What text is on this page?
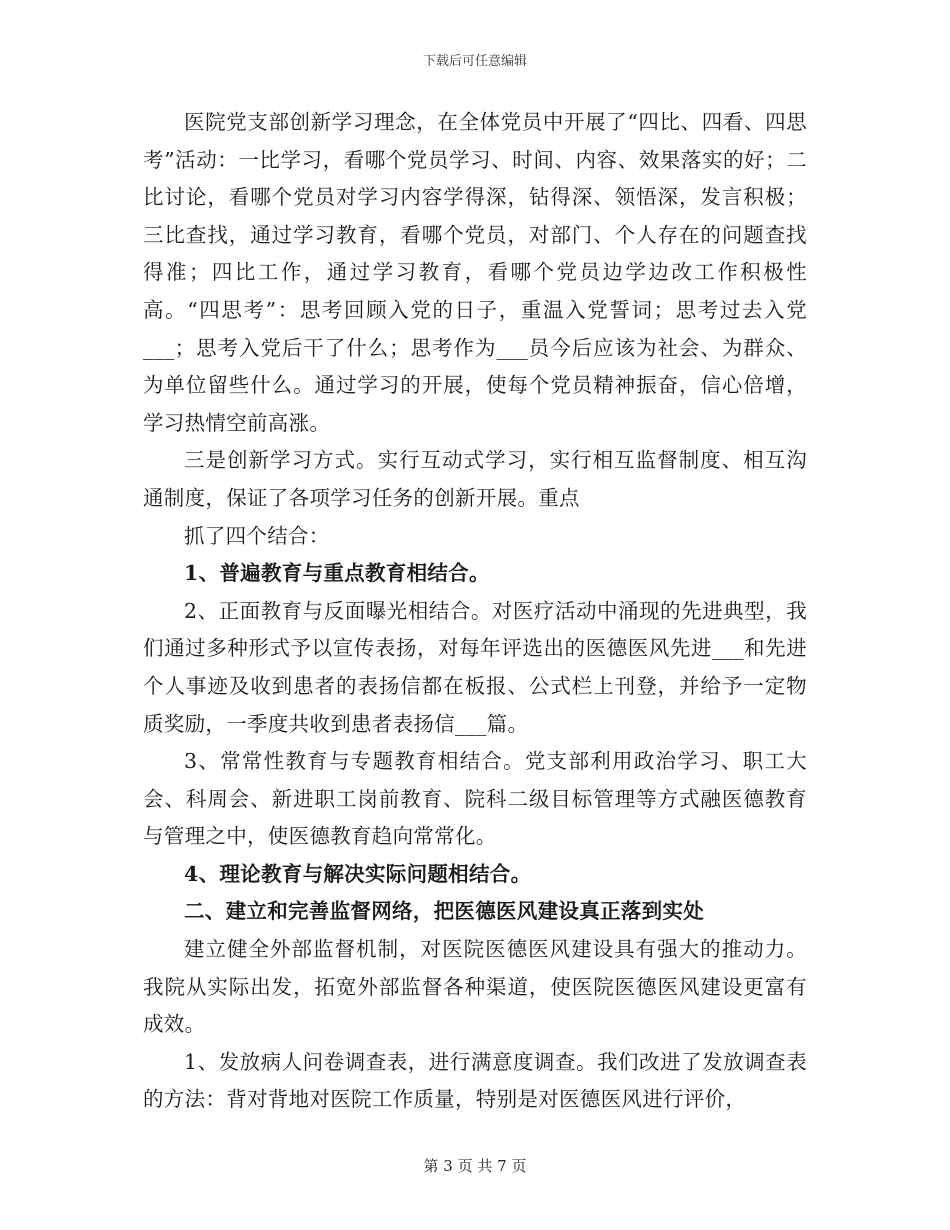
下载后可任意编辑

医院党支部创新学习理念，在全体党员中开展了“四比、四看、四思考”活动：一比学习，看哪个党员学习、时间、内容、效果落实的好；二比讨论，看哪个党员对学习内容学得深，钻得深、领悟深，发言积极；三比查找，通过学习教育，看哪个党员，对部门、个人存在的问题查找得准；四比工作，通过学习教育，看哪个党员边学边改工作积极性高。“四思考”：思考回顾入党的日子，重温入党誓词；思考过去入党___；思考入党后干了什么；思考作为___员今后应该为社会、为群众、为单位留些什么。通过学习的开展，使每个党员精神振奋，信心倍增，学习热情空前高涨。

三是创新学习方式。实行互动式学习，实行相互监督制度、相互沟通制度，保证了各项学习任务的创新开展。重点

抓了四个结合：

1、普遍教育与重点教育相结合。

2、正面教育与反面曝光相结合。对医疗活动中涌现的先进典型，我们通过多种形式予以宣传表扬，对每年评选出的医德医风先进___和先进个人事迹及收到患者的表扬信都在板报、公式栏上刊登，并给予一定物质奖励，一季度共收到患者表扬信___篇。

3、常常性教育与专题教育相结合。党支部利用政治学习、职工大会、科周会、新进职工岗前教育、院科二级目标管理等方式融医德教育与管理之中，使医德教育趋向常常化。

4、理论教育与解决实际问题相结合。

二、建立和完善监督网络，把医德医风建设真正落到实处

建立健全外部监督机制，对医院医德医风建设具有强大的推动力。我院从实际出发，拓宽外部监督各种渠道，使医院医德医风建设更富有成效。

1、发放病人问卷调查表，进行满意度调查。我们改进了发放调查表的方法：背对背地对医院工作质量，特别是对医德医风进行评价，

第 3 页 共 7 页
